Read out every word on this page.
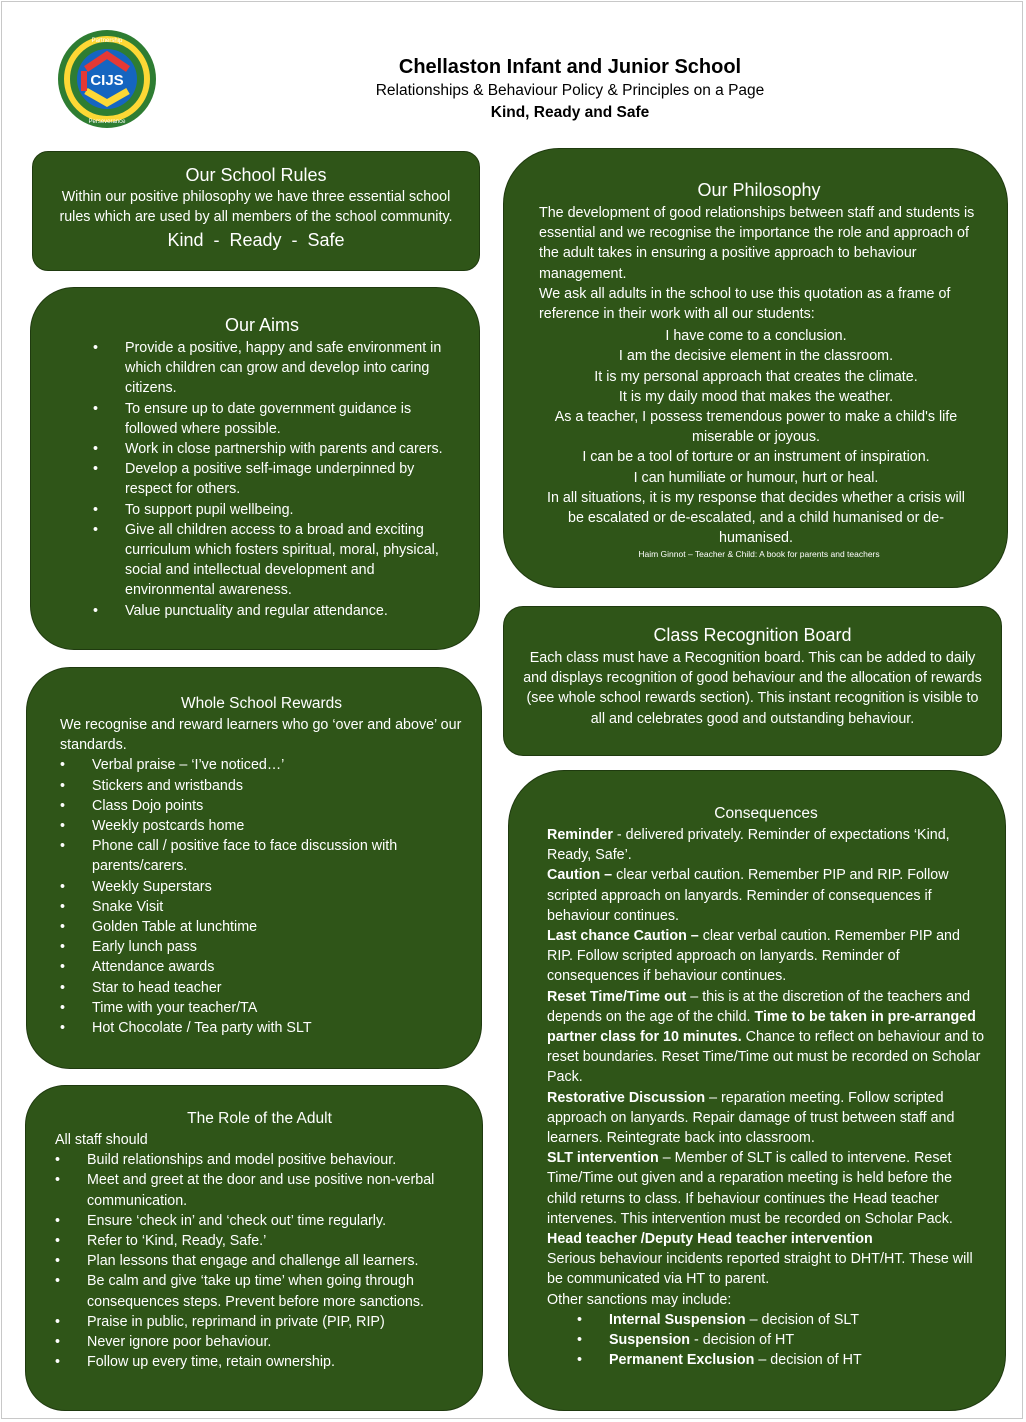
CIJS
Partnership
Perseverance
Chellaston Infant and Junior School
Relationships & Behaviour Policy & Principles on a Page
Kind, Ready and Safe
Our School Rules

Within our positive philosophy we have three essential school rules which are used by all members of the school community.

Kind  -  Ready  -  Safe
Our Aims
• Provide a positive, happy and safe environment in which children can grow and develop into caring citizens.
• To ensure up to date government guidance is followed where possible.
• Work in close partnership with parents and carers.
• Develop a positive self-image underpinned by respect for others.
• To support pupil wellbeing.
• Give all children access to a broad and exciting curriculum which fosters spiritual, moral, physical, social and intellectual development and environmental awareness.
• Value punctuality and regular attendance.
Whole School Rewards

We recognise and reward learners who go ‘over and above’ our standards.

• Verbal praise – ‘I’ve noticed…’
• Stickers and wristbands
• Class Dojo points
• Weekly postcards home
• Phone call / positive face to face discussion with parents/carers.
• Weekly Superstars
• Snake Visit
• Golden Table at lunchtime
• Early lunch pass
• Attendance awards
• Star to head teacher
• Time with your teacher/TA
• Hot Chocolate / Tea party with SLT
The Role of the Adult

All staff should

• Build relationships and model positive behaviour.
• Meet and greet at the door and use positive non-verbal communication.
• Ensure ‘check in’ and ‘check out’ time regularly.
• Refer to ‘Kind, Ready, Safe.’
• Plan lessons that engage and challenge all learners.
• Be calm and give ‘take up time’ when going through consequences steps. Prevent before more sanctions.
• Praise in public, reprimand in private (PIP, RIP)
• Never ignore poor behaviour.
• Follow up every time, retain ownership.
Our Philosophy

The development of good relationships between staff and students is essential and we recognise the importance the role and approach of the adult takes in ensuring a positive approach to behaviour management.

We ask all adults in the school to use this quotation as a frame of reference in their work with all our students:

I have come to a conclusion.

I am the decisive element in the classroom.

It is my personal approach that creates the climate.

It is my daily mood that makes the weather.

As a teacher, I possess tremendous power to make a child's life miserable or joyous.

I can be a tool of torture or an instrument of inspiration.

I can humiliate or humour, hurt or heal.

In all situations, it is my response that decides whether a crisis will be escalated or de-escalated, and a child humanised or de-humanised.

Haim Ginnot – Teacher & Child: A book for parents and teachers
Class Recognition Board

Each class must have a Recognition board. This can be added to daily and displays recognition of good behaviour and the allocation of rewards (see whole school rewards section). This instant recognition is visible to all and celebrates good and outstanding behaviour.

Consequences

Reminder - delivered privately. Reminder of expectations ‘Kind, Ready, Safe’.

Caution – clear verbal caution. Remember PIP and RIP. Follow scripted approach on lanyards. Reminder of consequences if behaviour continues.

Last chance Caution – clear verbal caution. Remember PIP and RIP. Follow scripted approach on lanyards. Reminder of consequences if behaviour continues.

Reset Time/Time out – this is at the discretion of the teachers and depends on the age of the child. Time to be taken in pre-arranged partner class for 10 minutes. Chance to reflect on behaviour and to reset boundaries. Reset Time/Time out must be recorded on Scholar Pack.

Restorative Discussion – reparation meeting. Follow scripted approach on lanyards. Repair damage of trust between staff and learners. Reintegrate back into classroom.

SLT intervention – Member of SLT is called to intervene. Reset Time/Time out given and a reparation meeting is held before the child returns to class. If behaviour continues the Head teacher intervenes. This intervention must be recorded on Scholar Pack.

Head teacher /Deputy Head teacher intervention

Serious behaviour incidents reported straight to DHT/HT. These will be communicated via HT to parent.

Other sanctions may include:

• Internal Suspension – decision of SLT
• Suspension - decision of HT
• Permanent Exclusion – decision of HT
